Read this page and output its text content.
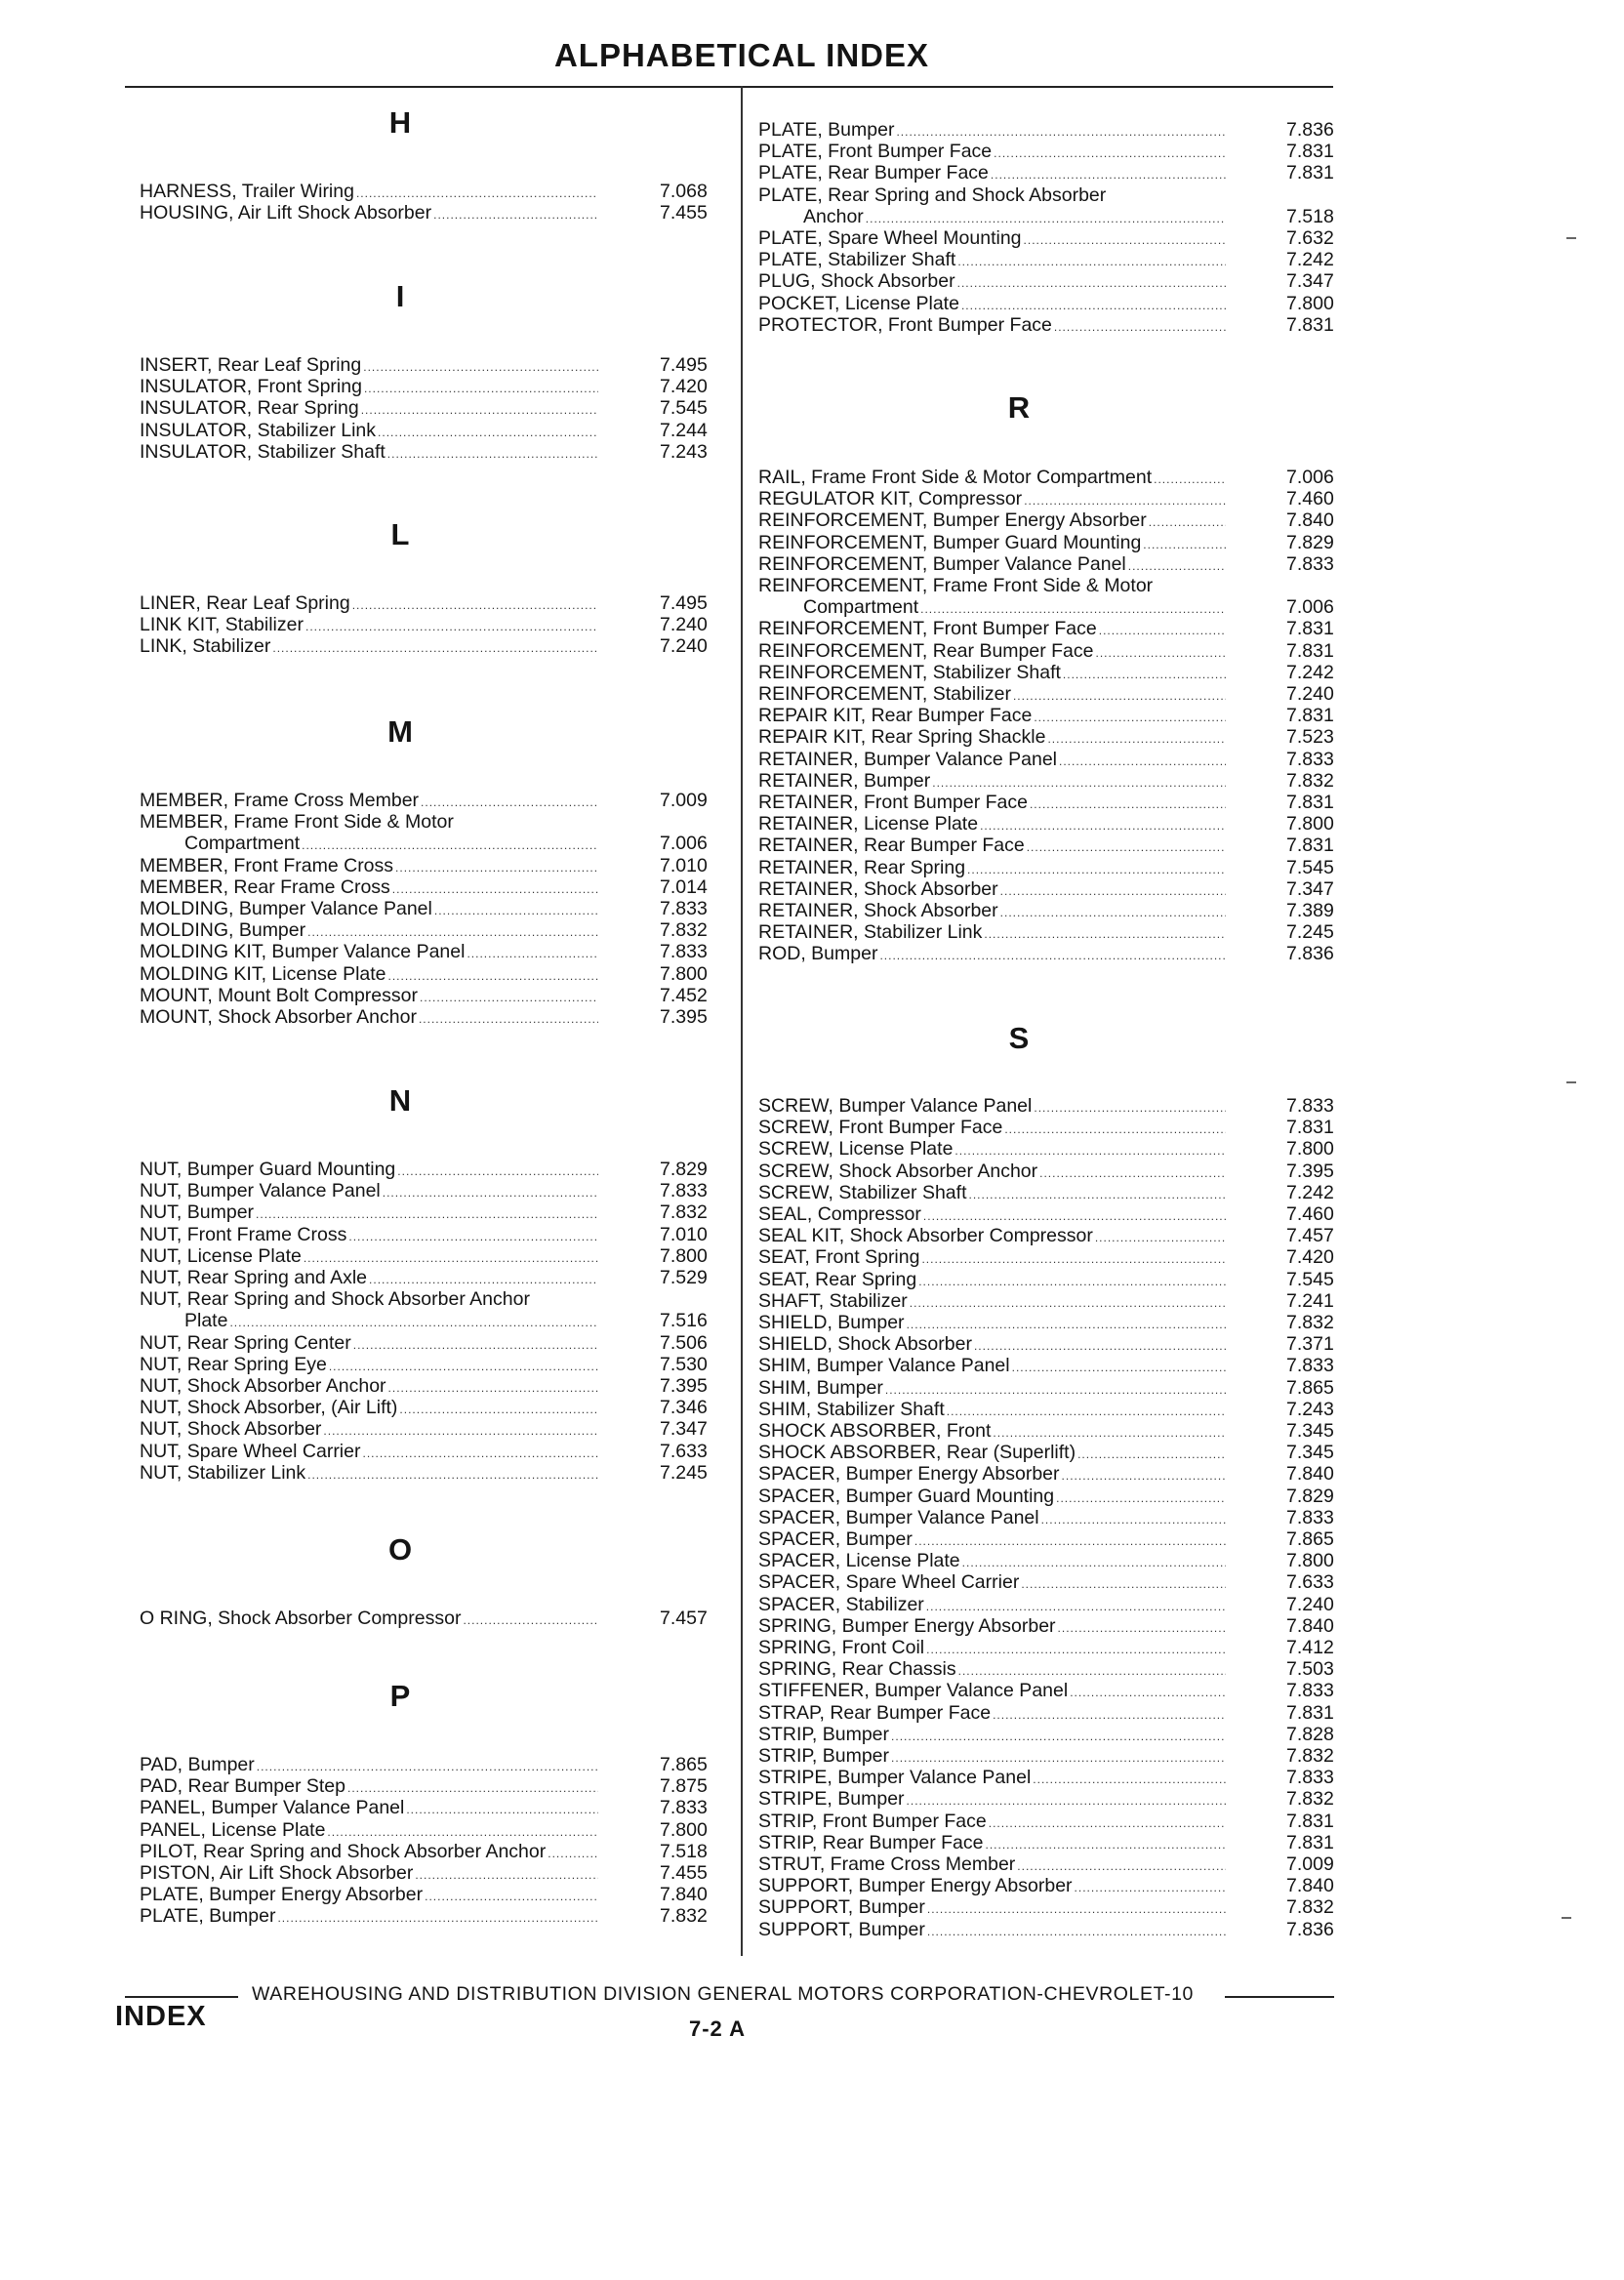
ALPHABETICAL INDEX
H
HARNESS, Trailer Wiring .....	7.068
HOUSING, Air Lift Shock Absorber .....	7.455
I
INSERT, Rear Leaf Spring .....	7.495
INSULATOR, Front Spring .....	7.420
INSULATOR, Rear Spring .....	7.545
INSULATOR, Stabilizer Link .....	7.244
INSULATOR, Stabilizer Shaft .....	7.243
L
LINER, Rear Leaf Spring .....	7.495
LINK KIT, Stabilizer .....	7.240
LINK, Stabilizer .....	7.240
M
MEMBER, Frame Cross Member .....	7.009
MEMBER, Frame Front Side & Motor
Compartment .....	7.006
MEMBER, Front Frame Cross .....	7.010
MEMBER, Rear Frame Cross .....	7.014
MOLDING, Bumper Valance Panel .....	7.833
MOLDING, Bumper .....	7.832
MOLDING KIT, Bumper Valance Panel .....	7.833
MOLDING KIT, License Plate .....	7.800
MOUNT, Mount Bolt Compressor .....	7.452
MOUNT, Shock Absorber Anchor .....	7.395
N
NUT, Bumper Guard Mounting .....	7.829
NUT, Bumper Valance Panel .....	7.833
NUT, Bumper .....	7.832
NUT, Front Frame Cross .....	7.010
NUT, License Plate .....	7.800
NUT, Rear Spring and Axle .....	7.529
NUT, Rear Spring and Shock Absorber Anchor
Plate .....	7.516
NUT, Rear Spring Center .....	7.506
NUT, Rear Spring Eye .....	7.530
NUT, Shock Absorber Anchor .....	7.395
NUT, Shock Absorber, (Air Lift) .....	7.346
NUT, Shock Absorber .....	7.347
NUT, Spare Wheel Carrier .....	7.633
NUT, Stabilizer Link .....	7.245
O
O RING, Shock Absorber Compressor .....	7.457
P
PAD, Bumper .....	7.865
PAD, Rear Bumper Step .....	7.875
PANEL, Bumper Valance Panel .....	7.833
PANEL, License Plate .....	7.800
PILOT, Rear Spring and Shock Absorber Anchor .....	7.518
PISTON, Air Lift Shock Absorber .....	7.455
PLATE, Bumper Energy Absorber .....	7.840
PLATE, Bumper .....	7.832
PLATE, Bumper .....	7.836
PLATE, Front Bumper Face .....	7.831
PLATE, Rear Bumper Face .....	7.831
PLATE, Rear Spring and Shock Absorber
Anchor .....	7.518
PLATE, Spare Wheel Mounting .....	7.632
PLATE, Stabilizer Shaft .....	7.242
PLUG, Shock Absorber .....	7.347
POCKET, License Plate .....	7.800
PROTECTOR, Front Bumper Face .....	7.831
R
RAIL, Frame Front Side & Motor Compartment .....	7.006
REGULATOR KIT, Compressor .....	7.460
REINFORCEMENT, Bumper Energy Absorber .....	7.840
REINFORCEMENT, Bumper Guard Mounting .....	7.829
REINFORCEMENT, Bumper Valance Panel .....	7.833
REINFORCEMENT, Frame Front Side & Motor
Compartment .....	7.006
REINFORCEMENT, Front Bumper Face .....	7.831
REINFORCEMENT, Rear Bumper Face .....	7.831
REINFORCEMENT, Stabilizer Shaft .....	7.242
REINFORCEMENT, Stabilizer .....	7.240
REPAIR KIT, Rear Bumper Face .....	7.831
REPAIR KIT, Rear Spring Shackle .....	7.523
RETAINER, Bumper Valance Panel .....	7.833
RETAINER, Bumper .....	7.832
RETAINER, Front Bumper Face .....	7.831
RETAINER, License Plate .....	7.800
RETAINER, Rear Bumper Face .....	7.831
RETAINER, Rear Spring .....	7.545
RETAINER, Shock Absorber .....	7.347
RETAINER, Shock Absorber .....	7.389
RETAINER, Stabilizer Link .....	7.245
ROD, Bumper .....	7.836
S
SCREW, Bumper Valance Panel .....	7.833
SCREW, Front Bumper Face .....	7.831
SCREW, License Plate .....	7.800
SCREW, Shock Absorber Anchor .....	7.395
SCREW, Stabilizer Shaft .....	7.242
SEAL, Compressor .....	7.460
SEAL KIT, Shock Absorber Compressor .....	7.457
SEAT, Front Spring .....	7.420
SEAT, Rear Spring .....	7.545
SHAFT, Stabilizer .....	7.241
SHIELD, Bumper .....	7.832
SHIELD, Shock Absorber .....	7.371
SHIM, Bumper Valance Panel .....	7.833
SHIM, Bumper .....	7.865
SHIM, Stabilizer Shaft .....	7.243
SHOCK ABSORBER, Front .....	7.345
SHOCK ABSORBER, Rear (Superlift) .....	7.345
SPACER, Bumper Energy Absorber .....	7.840
SPACER, Bumper Guard Mounting .....	7.829
SPACER, Bumper Valance Panel .....	7.833
SPACER, Bumper .....	7.865
SPACER, License Plate .....	7.800
SPACER, Spare Wheel Carrier .....	7.633
SPACER, Stabilizer .....	7.240
SPRING, Bumper Energy Absorber .....	7.840
SPRING, Front Coil .....	7.412
SPRING, Rear Chassis .....	7.503
STIFFENER, Bumper Valance Panel .....	7.833
STRAP, Rear Bumper Face .....	7.831
STRIP, Bumper .....	7.828
STRIP, Bumper .....	7.832
STRIPE, Bumper Valance Panel .....	7.833
STRIPE, Bumper .....	7.832
STRIP, Front Bumper Face .....	7.831
STRIP, Rear Bumper Face .....	7.831
STRUT, Frame Cross Member .....	7.009
SUPPORT, Bumper Energy Absorber .....	7.840
SUPPORT, Bumper .....	7.832
SUPPORT, Bumper .....	7.836
WAREHOUSING AND DISTRIBUTION DIVISION GENERAL MOTORS CORPORATION-CHEVROLET-10
INDEX	7-2 A
